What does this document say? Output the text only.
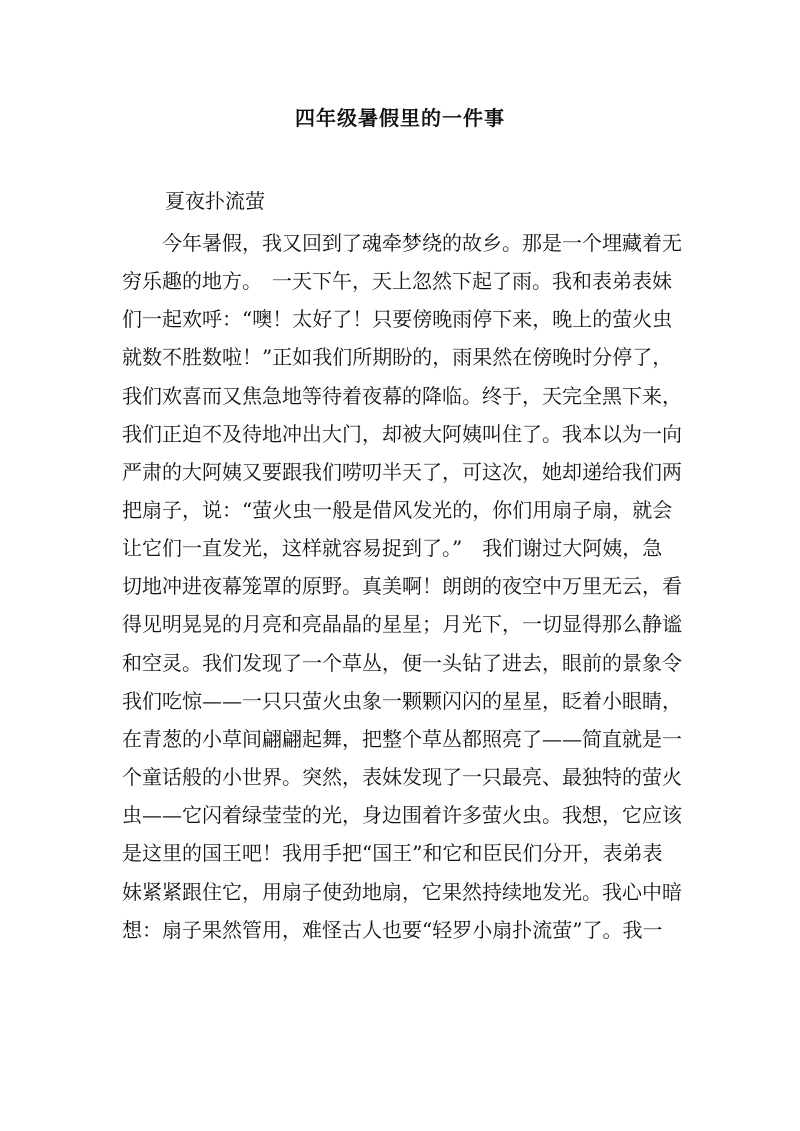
四年级暑假里的一件事
夏夜扑流萤
　　今年暑假，我又回到了魂牵梦绕的故乡。那是一个埋藏着无
穷乐趣的地方。　一天下午，天上忽然下起了雨。我和表弟表妹
们一起欢呼：“噢！太好了！只要傍晚雨停下来，晚上的萤火虫
就数不胜数啦！”正如我们所期盼的，雨果然在傍晚时分停了，
我们欢喜而又焦急地等待着夜幕的降临。终于，天完全黑下来，
我们正迫不及待地冲出大门，却被大阿姨叫住了。我本以为一向
严肃的大阿姨又要跟我们唠叨半天了，可这次，她却递给我们两
把扇子，说：“萤火虫一般是借风发光的，你们用扇子扇，就会
让它们一直发光，这样就容易捉到了。”　我们谢过大阿姨，急
切地冲进夜幕笼罩的原野。真美啊！朗朗的夜空中万里无云，看
得见明晃晃的月亮和亮晶晶的星星；月光下，一切显得那么静谧
和空灵。我们发现了一个草丛，便一头钻了进去，眼前的景象令
我们吃惊——一只只萤火虫象一颗颗闪闪的星星，眨着小眼睛，
在青葱的小草间翩翩起舞，把整个草丛都照亮了——简直就是一
个童话般的小世界。突然，表妹发现了一只最亮、最独特的萤火
虫——它闪着绿莹莹的光，身边围着许多萤火虫。我想，它应该
是这里的国王吧！我用手把“国王”和它和臣民们分开，表弟表
妹紧紧跟住它，用扇子使劲地扇，它果然持续地发光。我心中暗
想：扇子果然管用，难怪古人也要“轻罗小扇扑流萤”了。我一
